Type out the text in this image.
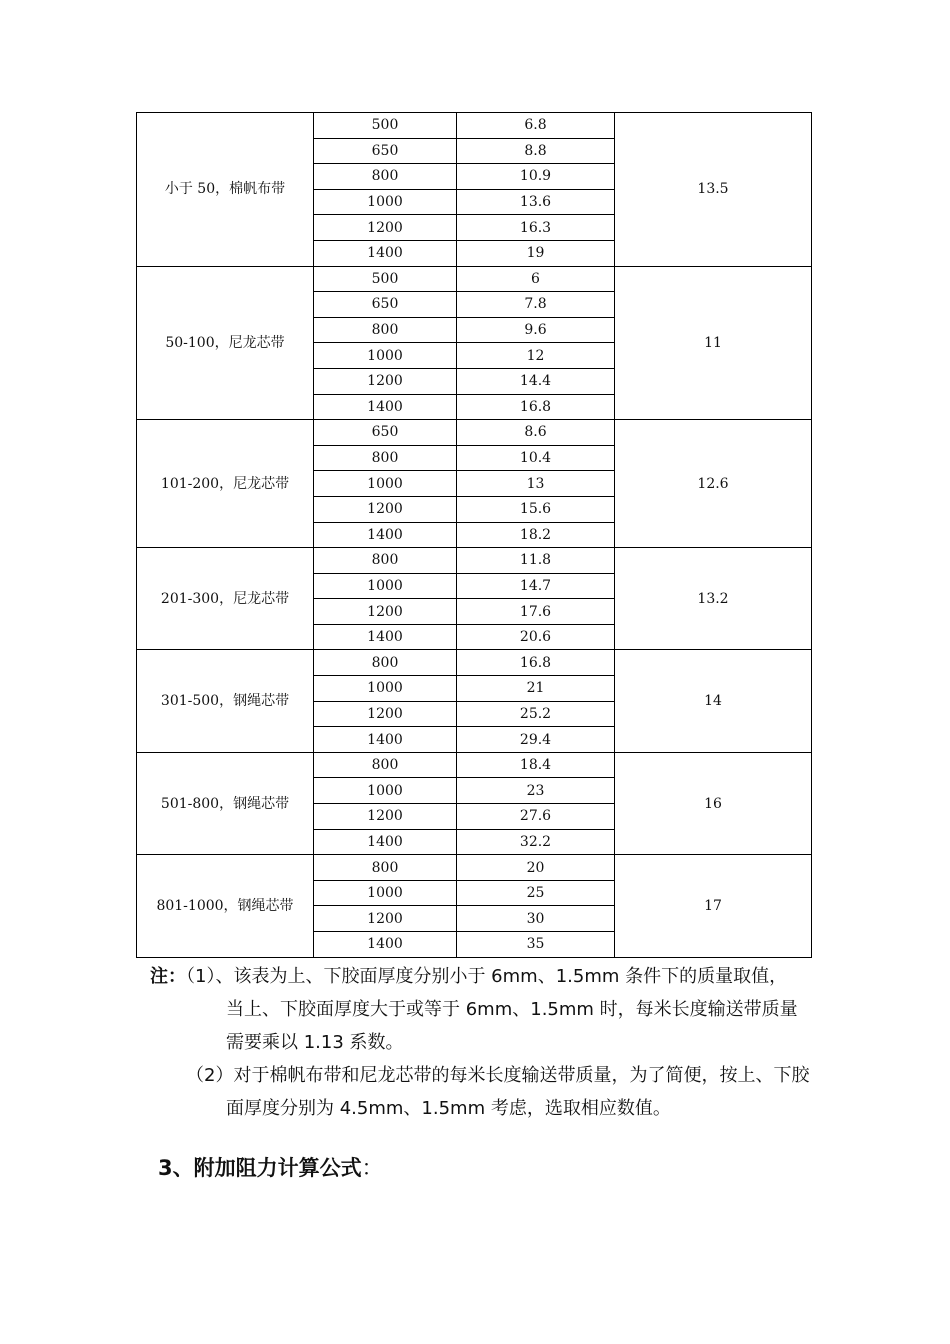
小于 50，棉帆布带	500	6.8	13.5
	650	8.8	
	800	10.9	
	1000	13.6	
	1200	16.3	
	1400	19	
50-100，尼龙芯带	500	6	11
	650	7.8	
	800	9.6	
	1000	12	
	1200	14.4	
	1400	16.8	
101-200，尼龙芯带	650	8.6	12.6
	800	10.4	
	1000	13	
	1200	15.6	
	1400	18.2	
201-300，尼龙芯带	800	11.8	13.2
	1000	14.7	
	1200	17.6	
	1400	20.6	
301-500，钢绳芯带	800	16.8	14
	1000	21	
	1200	25.2	
	1400	29.4	
501-800，钢绳芯带	800	18.4	16
	1000	23	
	1200	27.6	
	1400	32.2	
801-1000，钢绳芯带	800	20	17
	1000	25	
	1200	30	
	1400	35	
注：（1）、该表为上、下胶面厚度分别小于 6mm、1.5mm 条件下的质量取值，
当上、下胶面厚度大于或等于 6mm、1.5mm 时，每米长度输送带质量
需要乘以 1.13 系数。
（2）对于棉帆布带和尼龙芯带的每米长度输送带质量，为了简便，按上、下胶
面厚度分别为 4.5mm、1.5mm 考虑，选取相应数值。
3、附加阻力计算公式：
